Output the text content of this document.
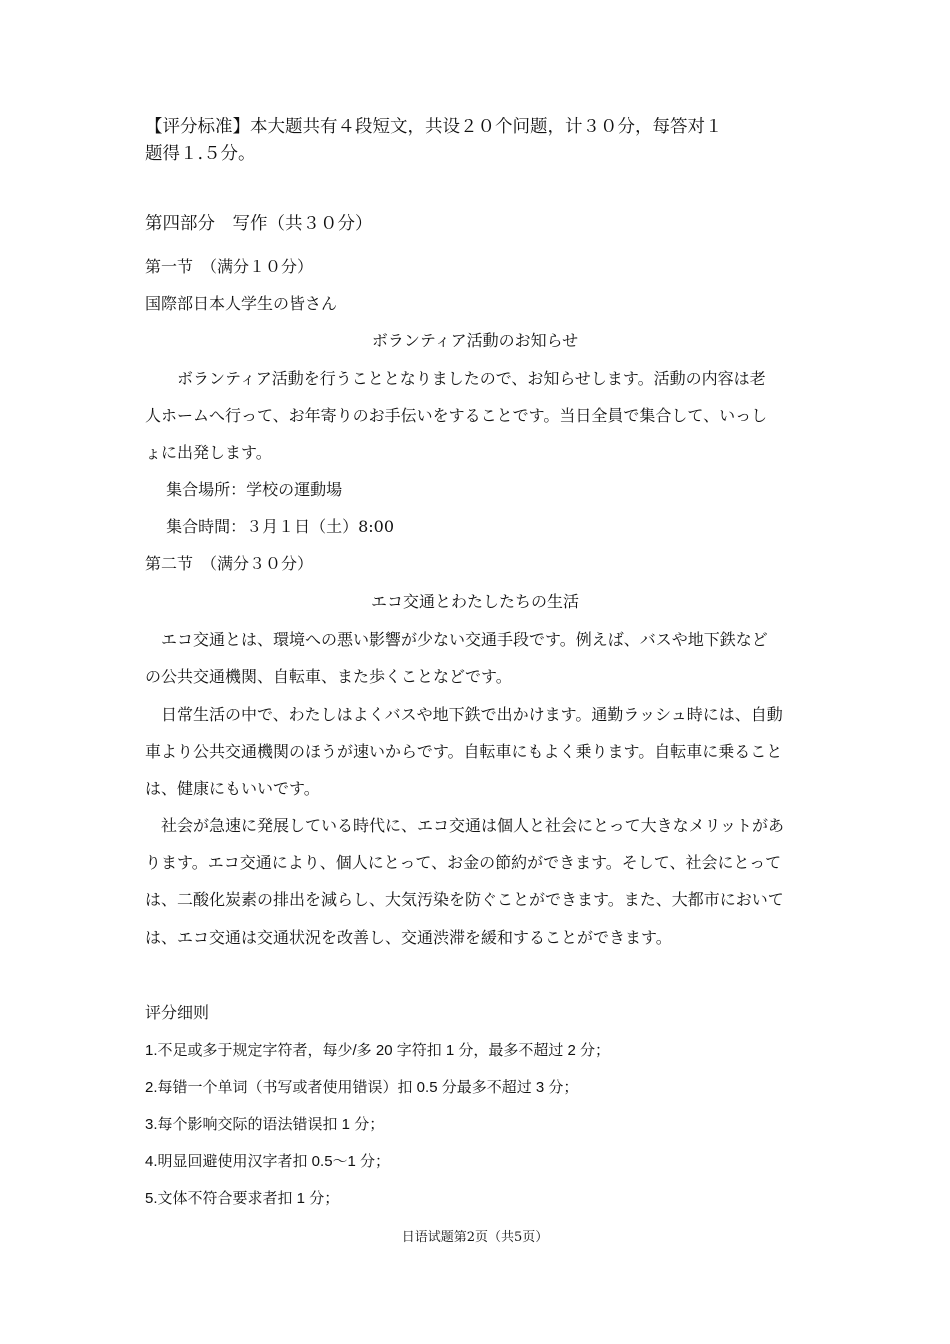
【评分标准】本大题共有４段短文，共设２０个问题，计３０分，每答对１
题得１.５分。
第四部分　写作（共３０分）
第一节　（满分１０分）
国際部日本人学生の皆さん
ボランティア活動のお知らせ
　　ボランティア活動を行うこととなりましたので、お知らせします。活動の内容は老
人ホームへ行って、お年寄りのお手伝いをすることです。当日全員で集合して、いっし
ょに出発します。
　 集合場所：学校の運動場
　 集合時間：３月１日（土）8:00
第二节　（满分３０分）
エコ交通とわたしたちの生活
　エコ交通とは、環境への悪い影響が少ない交通手段です。例えば、バスや地下鉄など
の公共交通機関、自転車、また歩くことなどです。
　日常生活の中で、わたしはよくバスや地下鉄で出かけます。通勤ラッシュ時には、自動
車より公共交通機関のほうが速いからです。自転車にもよく乗ります。自転車に乗ること
は、健康にもいいです。
　社会が急速に発展している時代に、エコ交通は個人と社会にとって大きなメリットがあ
ります。エコ交通により、個人にとって、お金の節約ができます。そして、社会にとって
は、二酸化炭素の排出を減らし、大気汚染を防ぐことができます。また、大都市において
は、エコ交通は交通状況を改善し、交通渋滞を緩和することができます。
评分细则
1.不足或多于规定字符者，每少/多 20 字符扣 1 分，最多不超过 2 分；
2.每错一个单词（书写或者使用错误）扣 0.5 分最多不超过 3 分；
3.每个影响交际的语法错误扣 1 分；
4.明显回避使用汉字者扣 0.5～1 分；
5.文体不符合要求者扣 1 分；
日语试题第2页（共5页）
